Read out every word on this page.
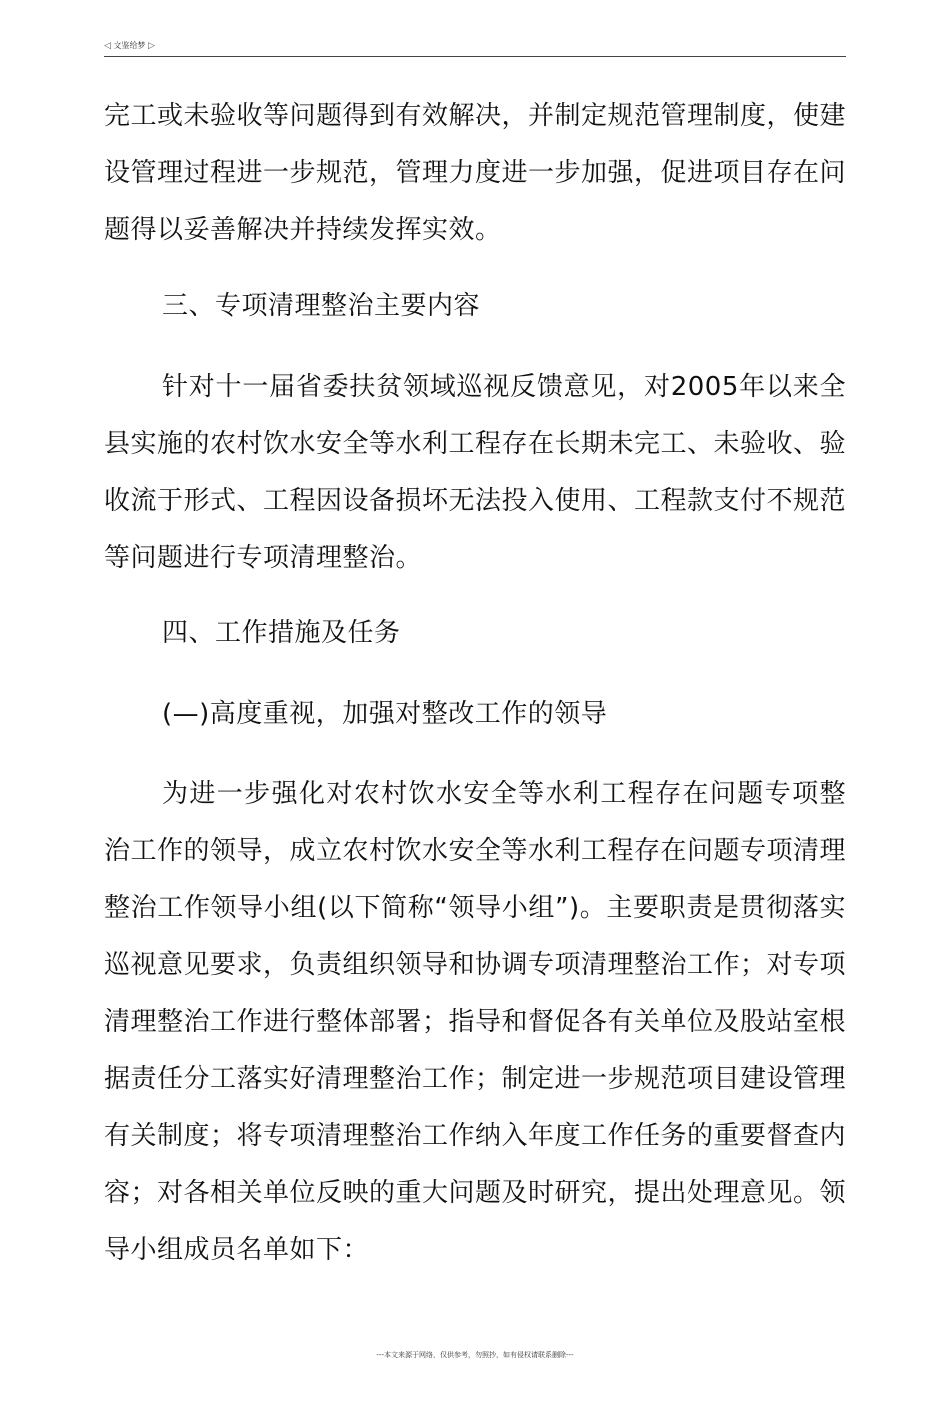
◁ 文鉴给梦 ▷

完工或未验收等问题得到有效解决，并制定规范管理制度，使建设管理过程进一步规范，管理力度进一步加强，促进项目存在问题得以妥善解决并持续发挥实效。

三、专项清理整治主要内容

针对十一届省委扶贫领域巡视反馈意见，对2005年以来全县实施的农村饮水安全等水利工程存在长期未完工、未验收、验收流于形式、工程因设备损坏无法投入使用、工程款支付不规范等问题进行专项清理整治。

四、工作措施及任务

(—)高度重视，加强对整改工作的领导

为进一步强化对农村饮水安全等水利工程存在问题专项整治工作的领导，成立农村饮水安全等水利工程存在问题专项清理整治工作领导小组(以下简称“领导小组”)。主要职责是贯彻落实巡视意见要求，负责组织领导和协调专项清理整治工作；对专项清理整治工作进行整体部署；指导和督促各有关单位及股站室根据责任分工落实好清理整治工作；制定进一步规范项目建设管理有关制度；将专项清理整治工作纳入年度工作任务的重要督查内容；对各相关单位反映的重大问题及时研究，提出处理意见。领导小组成员名单如下：

---本文来源于网络，仅供参考，勿照抄，如有侵权请联系删除---
